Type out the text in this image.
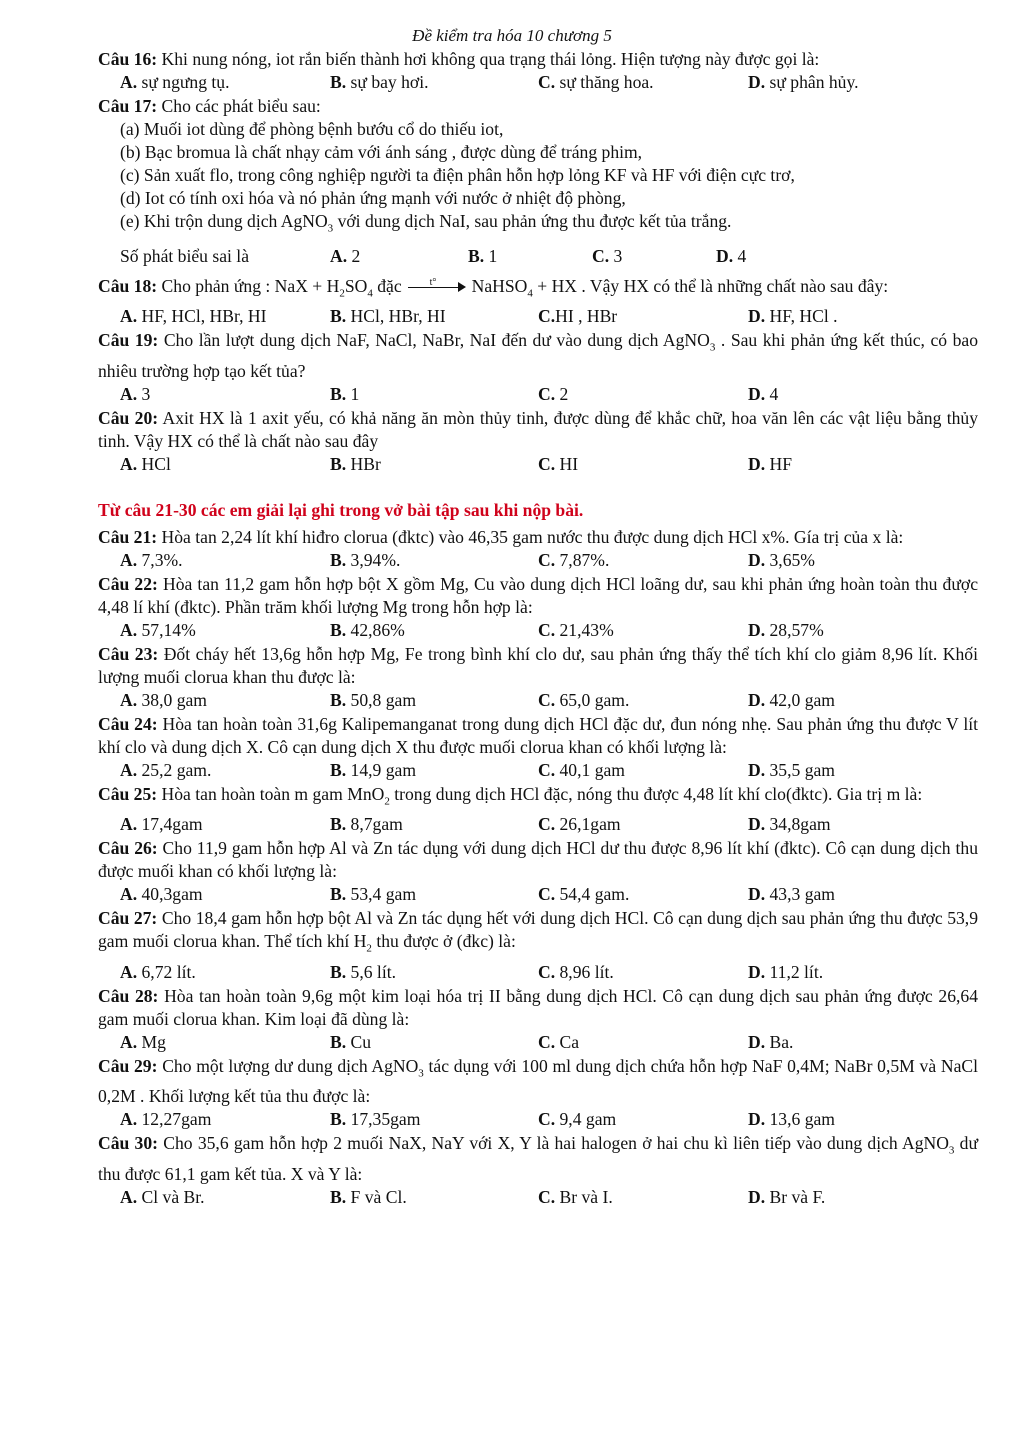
Đề kiểm tra hóa 10 chương 5
Câu 16: Khi nung nóng, iot rắn biến thành hơi không qua trạng thái lỏng. Hiện tượng này được gọi là:
A. sự ngưng tụ.	B. sự bay hơi.	C. sự thăng hoa.	D. sự phân hủy.
Câu 17: Cho các phát biểu sau:
(a) Muối iot dùng để phòng bệnh bướu cổ do thiếu iot,
(b) Bạc bromua là chất nhạy cảm với ánh sáng , được dùng để tráng phim,
(c) Sản xuất flo, trong công nghiệp người ta điện phân hỗn hợp lỏng KF và HF với điện cực trơ,
(d) Iot có tính oxi hóa và nó phản ứng mạnh với nước ở nhiệt độ phòng,
(e) Khi trộn dung dịch AgNO$_3$ với dung dịch NaI, sau phản ứng thu được kết tủa trắng.
Số phát biểu sai là	A. 2	B. 1	C. 3	D. 4
Câu 18: Cho phản ứng : NaX + $H_2SO_4$ đặc	t° NaHSO$_4$ + HX . Vậy HX có thể là những chất nào sau đây:
A. HF, HCl, HBr, HI	B. HCl, HBr, HI	C.HI , HBr	D. HF, HCl .
Câu 19: Cho lần lượt dung dịch NaF, NaCl, NaBr, NaI đến dư vào dung dịch AgNO$_3$ . Sau khi phản ứng kết thúc, có bao nhiêu trường hợp tạo kết tủa?
A. 3	B. 1	C. 2	D. 4
Câu 20: Axit HX là 1 axit yếu, có khả năng ăn mòn thủy tinh, được dùng để khắc chữ, hoa văn lên các vật liệu bằng thủy tinh. Vậy HX có thể là chất nào sau đây
A. HCl	B. HBr	C. HI	D. HF
Từ câu 21-30 các em giải lại ghi trong vở bài tập sau khi nộp bài.
Câu 21: Hòa tan 2,24 lít khí hiđro clorua (đktc) vào 46,35 gam nước thu được dung dịch HCl x%. Gía trị của x là:
A. 7,3%.	B. 3,94%.	C. 7,87%.	D. 3,65%
Câu 22: Hòa tan 11,2 gam hỗn hợp bột X gồm Mg, Cu vào dung dịch HCl loãng dư, sau khi phản ứng hoàn toàn thu được 4,48 lí khí (đktc). Phần trăm khối lượng Mg trong hỗn hợp là:
A. 57,14%	B. 42,86%	C. 21,43%	D. 28,57%
Câu 23: Đốt cháy hết 13,6g hỗn hợp Mg, Fe trong bình khí clo dư, sau phản ứng thấy thể tích khí clo giảm 8,96 lít. Khối lượng muối clorua khan thu được là:
A. 38,0 gam	B. 50,8 gam	C. 65,0 gam.	D. 42,0 gam
Câu 24: Hòa tan hoàn toàn 31,6g Kalipemanganat trong dung dịch HCl đặc dư, đun nóng nhẹ. Sau phản ứng thu được V lít khí clo và dung dịch X. Cô cạn dung dịch X thu được muối clorua khan có khối lượng là:
A. 25,2 gam.	B. 14,9 gam	C. 40,1 gam	D. 35,5 gam
Câu 25: Hòa tan hoàn toàn m gam MnO$_2$ trong dung dịch HCl đặc, nóng thu được 4,48 lít khí clo(đktc). Gia trị m là:
A. 17,4gam	B. 8,7gam	C. 26,1gam	D. 34,8gam
Câu 26: Cho 11,9 gam hỗn hợp Al và Zn tác dụng với dung dịch HCl dư thu được 8,96 lít khí (đktc). Cô cạn dung dịch thu được muối khan có khối lượng là:
A. 40,3gam	B. 53,4 gam	C. 54,4 gam.	D. 43,3 gam
Câu 27: Cho 18,4 gam hỗn hợp bột Al và Zn tác dụng hết với dung dịch HCl. Cô cạn dung dịch sau phản ứng thu được 53,9 gam muối clorua khan. Thể tích khí $H_2$ thu được ở (đkc) là:
A. 6,72 lít.	B. 5,6 lít.	C. 8,96 lít.	D. 11,2 lít.
Câu 28: Hòa tan hoàn toàn 9,6g một kim loại hóa trị II bằng dung dịch HCl. Cô cạn dung dịch sau phản ứng được 26,64 gam muối clorua khan. Kim loại đã dùng là:
A. Mg	B. Cu	C. Ca	D. Ba.
Câu 29: Cho một lượng dư dung dịch AgNO$_3$ tác dụng với 100 ml dung dịch chứa hỗn hợp NaF 0,4M; NaBr 0,5M và NaCl 0,2M . Khối lượng kết tủa thu được là:
A. 12,27gam	B. 17,35gam	C. 9,4 gam	D. 13,6 gam
Câu 30: Cho 35,6 gam hỗn hợp 2 muối NaX, NaY với X, Y là hai halogen ở hai chu kì liên tiếp vào dung dịch AgNO$_3$ dư thu được 61,1 gam kết tủa. X và Y là:
A. Cl và Br.	B. F và Cl.	C. Br và I.	D. Br và F.
